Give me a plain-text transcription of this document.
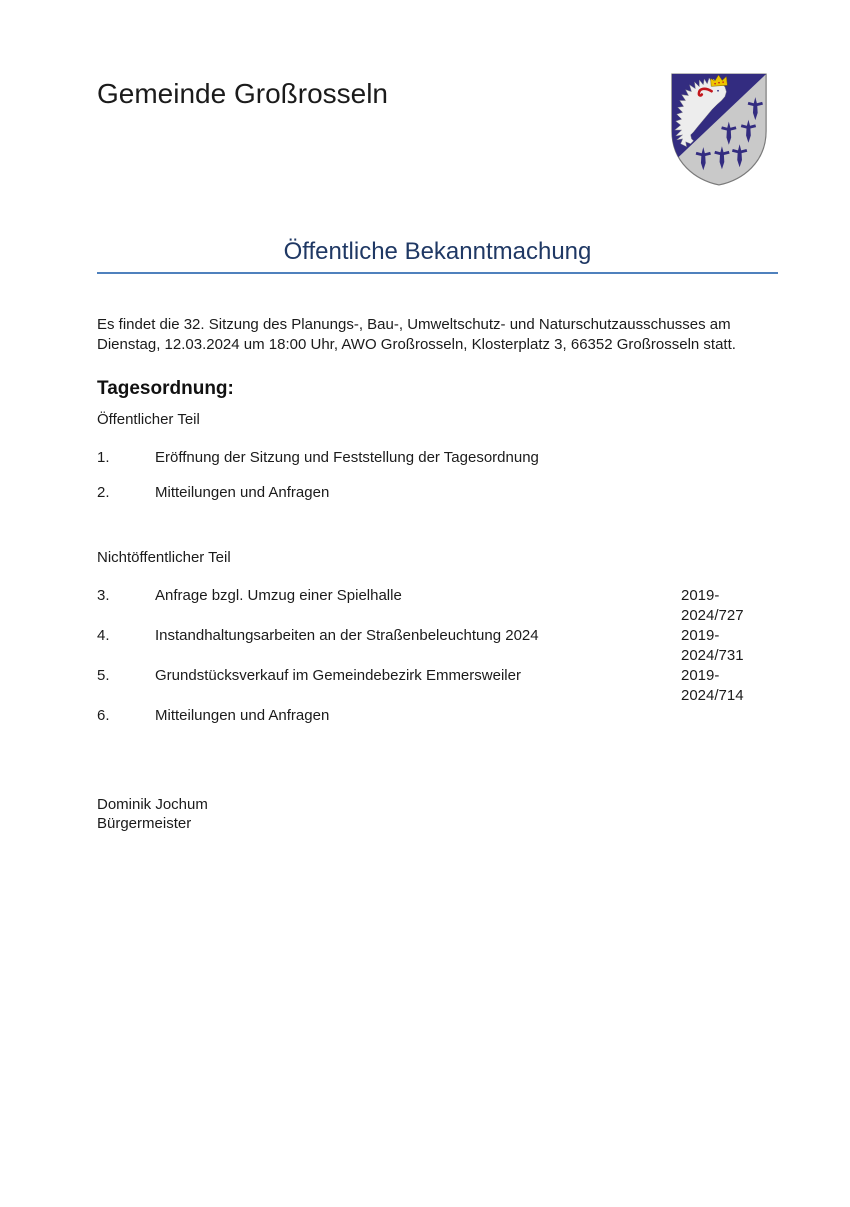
Gemeinde Großrosseln
Öffentliche Bekanntmachung

Es findet die 32. Sitzung des Planungs-, Bau-, Umweltschutz- und Naturschutzausschusses am Dienstag, 12.03.2024 um 18:00 Uhr, AWO Großrosseln, Klosterplatz 3, 66352 Großrosseln statt.

Tagesordnung:
Öffentlicher Teil
1.	Eröffnung der Sitzung und Feststellung der Tagesordnung
2.	Mitteilungen und Anfragen
Nichtöffentlicher Teil
3.	Anfrage bzgl. Umzug einer Spielhalle	2019-2024/727
4.	Instandhaltungsarbeiten an der Straßenbeleuchtung 2024	2019-2024/731
5.	Grundstücksverkauf im Gemeindebezirk Emmersweiler	2019-2024/714
6.	Mitteilungen und Anfragen
Dominik Jochum
Bürgermeister
